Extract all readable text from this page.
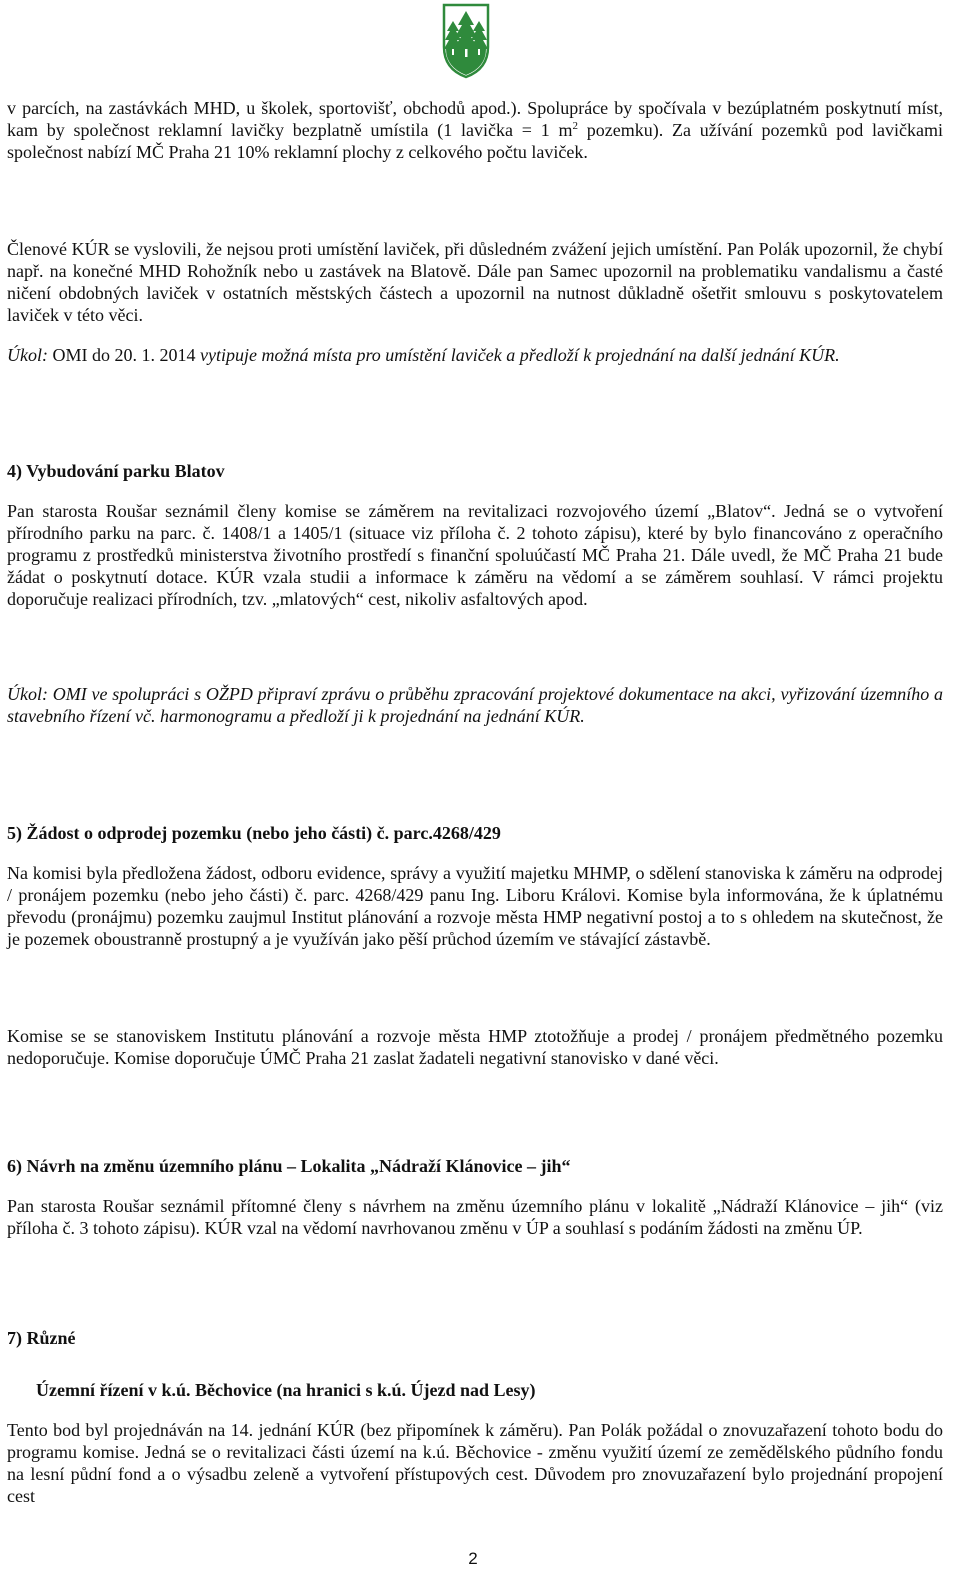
v parcích, na zastávkách MHD, u školek, sportovišť, obchodů apod.). Spolupráce by spočívala v bezúplatném poskytnutí míst, kam by společnost reklamní lavičky bezplatně umístila (1 lavička = 1 $m^2$ pozemku). Za užívání pozemků pod lavičkami společnost nabízí MČ Praha 21 10% reklamní plochy z celkového počtu laviček.

Členové KÚR se vyslovili, že nejsou proti umístění laviček, při důsledném zvážení jejich umístění. Pan Polák upozornil, že chybí např. na konečné MHD Rohožník nebo u zastávek na Blatově. Dále pan Samec upozornil na problematiku vandalismu a časté ničení obdobných laviček v ostatních městských částech a upozornil na nutnost důkladně ošetřit smlouvu s poskytovatelem laviček v této věci.

Úkol: OMI do 20. 1. 2014 vytipuje možná místa pro umístění laviček a předloží k projednání na další jednání KÚR.

4) Vybudování parku Blatov

Pan starosta Roušar seznámil členy komise se záměrem na revitalizaci rozvojového území „Blatov“. Jedná se o vytvoření přírodního parku na parc. č. 1408/1 a 1405/1 (situace viz příloha č. 2 tohoto zápisu), které by bylo financováno z operačního programu z prostředků ministerstva životního prostředí s finanční spoluúčastí MČ Praha 21. Dále uvedl, že MČ Praha 21 bude žádat o poskytnutí dotace. KÚR vzala studii a informace k záměru na vědomí a se záměrem souhlasí. V rámci projektu doporučuje realizaci přírodních, tzv. „mlatových“ cest, nikoliv asfaltových apod.

Úkol: OMI ve spolupráci s OŽPD připraví zprávu o průběhu zpracování projektové dokumentace na akci, vyřizování územního a stavebního řízení vč. harmonogramu a předloží ji k projednání na jednání KÚR.

5) Žádost o odprodej pozemku (nebo jeho části) č. parc.4268/429

Na komisi byla předložena žádost, odboru evidence, správy a využití majetku MHMP, o sdělení stanoviska k záměru na odprodej / pronájem pozemku (nebo jeho části) č. parc. 4268/429 panu Ing. Liboru Královi. Komise byla informována, že k úplatnému převodu (pronájmu) pozemku zaujmul Institut plánování a rozvoje města HMP negativní postoj a to s ohledem na skutečnost, že je pozemek oboustranně prostupný a je využíván jako pěší průchod územím ve stávající zástavbě.

Komise se se stanoviskem Institutu plánování a rozvoje města HMP ztotožňuje a prodej / pronájem předmětného pozemku nedoporučuje. Komise doporučuje ÚMČ Praha 21 zaslat žadateli negativní stanovisko v dané věci.

6) Návrh na změnu územního plánu – Lokalita „Nádraží Klánovice – jih“

Pan starosta Roušar seznámil přítomné členy s návrhem na změnu územního plánu v lokalitě „Nádraží Klánovice – jih“ (viz příloha č. 3 tohoto zápisu). KÚR vzal na vědomí navrhovanou změnu v ÚP a souhlasí s podáním žádosti na změnu ÚP.

7) Různé
Územní řízení v k.ú. Běchovice (na hranici s k.ú. Újezd nad Lesy)

Tento bod byl projednáván na 14. jednání KÚR (bez připomínek k záměru). Pan Polák požádal o znovuzařazení tohoto bodu do programu komise. Jedná se o revitalizaci části území na k.ú. Běchovice - změnu využití území ze zemědělského půdního fondu na lesní půdní fond a o výsadbu zeleně a vytvoření přístupových cest. Důvodem pro znovuzařazení bylo projednání propojení cest

2
